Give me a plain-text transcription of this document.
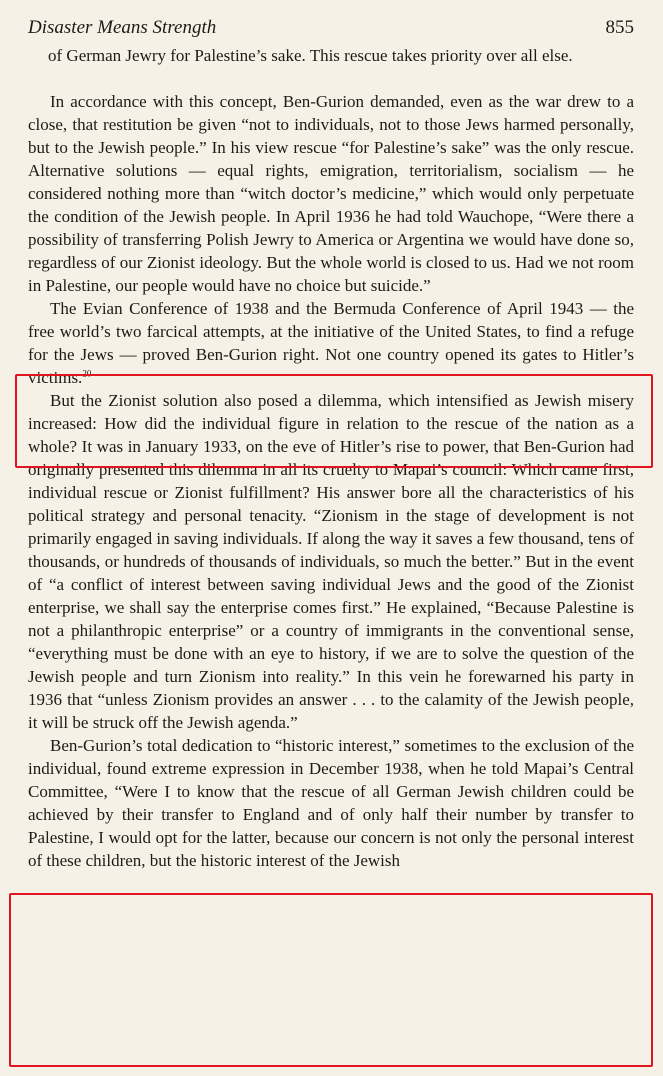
Disaster Means Strength	855

of German Jewry for Palestine’s sake. This rescue takes priority over all else.

In accordance with this concept, Ben-Gurion demanded, even as the war drew to a close, that restitution be given “not to individuals, not to those Jews harmed personally, but to the Jewish people.” In his view rescue “for Palestine’s sake” was the only rescue. Alternative solutions — equal rights, emigration, territorialism, socialism — he considered nothing more than “witch doctor’s medicine,” which would only perpetuate the condition of the Jewish people. In April 1936 he had told Wauchope, “Were there a possibility of transferring Polish Jewry to America or Argentina we would have done so, regardless of our Zionist ideology. But the whole world is closed to us. Had we not room in Palestine, our people would have no choice but suicide.”

The Evian Conference of 1938 and the Bermuda Conference of April 1943 — the free world’s two farcical attempts, at the initiative of the United States, to find a refuge for the Jews — proved Ben-Gurion right. Not one country opened its gates to Hitler’s victims.$^{20}$

But the Zionist solution also posed a dilemma, which intensified as Jewish misery increased: How did the individual figure in relation to the rescue of the nation as a whole? It was in January 1933, on the eve of Hitler’s rise to power, that Ben-Gurion had originally presented this dilemma in all its cruelty to Mapai’s council: Which came first, individual rescue or Zionist fulfillment? His answer bore all the characteristics of his political strategy and personal tenacity. “Zionism in the stage of development is not primarily engaged in saving individuals. If along the way it saves a few thousand, tens of thousands, or hundreds of thousands of individuals, so much the better.” But in the event of “a conflict of interest between saving individual Jews and the good of the Zionist enterprise, we shall say the enterprise comes first.” He explained, “Because Palestine is not a philanthropic enterprise” or a country of immigrants in the conventional sense, “everything must be done with an eye to history, if we are to solve the question of the Jewish people and turn Zionism into reality.” In this vein he forewarned his party in 1936 that “unless Zionism provides an answer . . . to the calamity of the Jewish people, it will be struck off the Jewish agenda.”

Ben-Gurion’s total dedication to “historic interest,” sometimes to the exclusion of the individual, found extreme expression in December 1938, when he told Mapai’s Central Committee, “Were I to know that the rescue of all German Jewish children could be achieved by their transfer to England and of only half their number by transfer to Palestine, I would opt for the latter, because our concern is not only the personal interest of these children, but the historic interest of the Jewish
